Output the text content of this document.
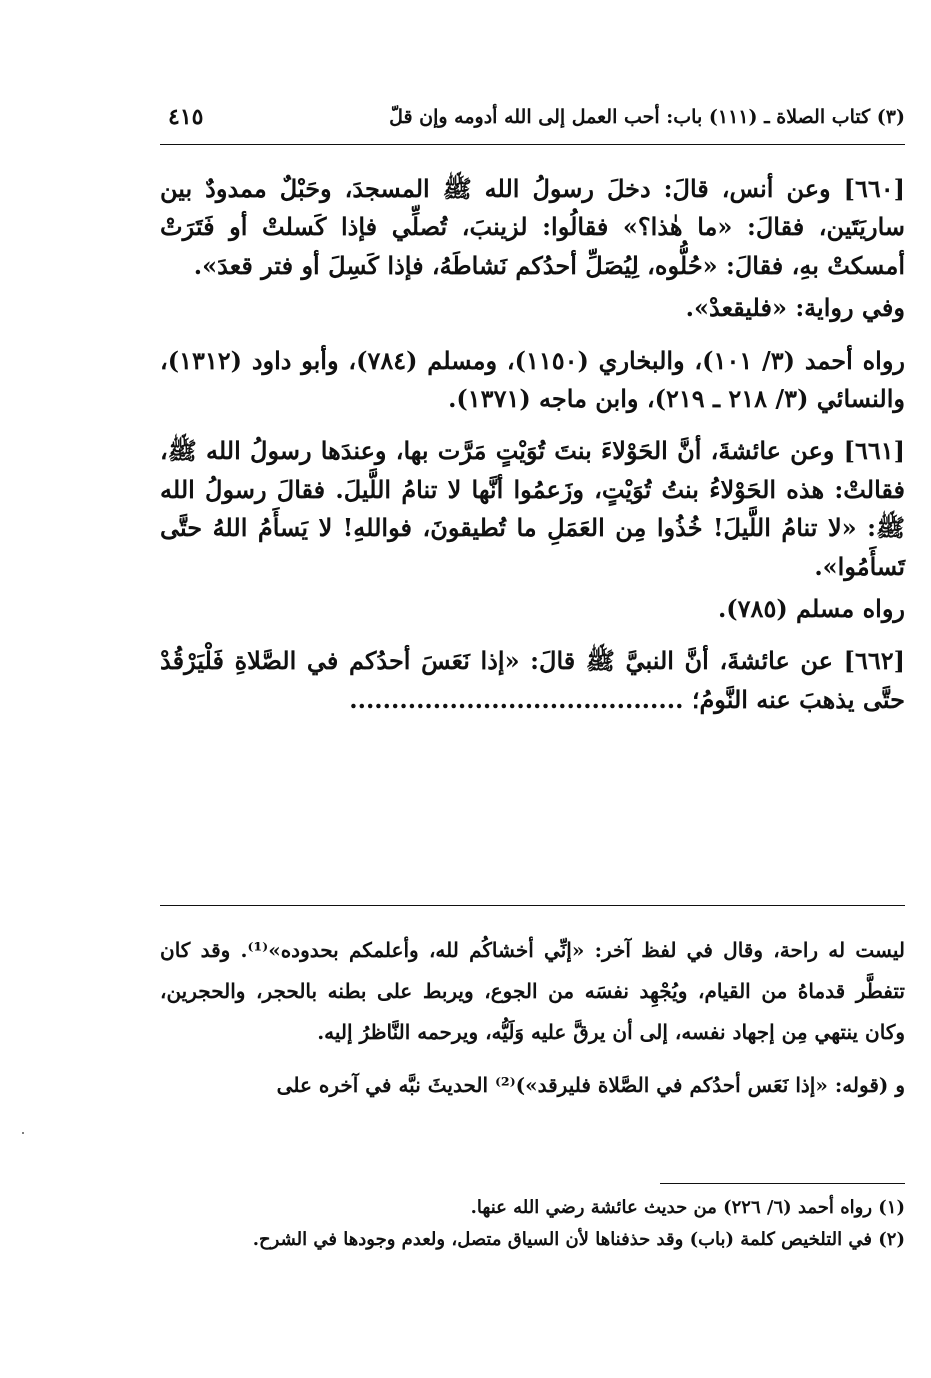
(٣) كتاب الصلاة ـ (١١١) باب: أحب العمل إلى الله أدومه وإن قلّ
٤١٥

[٦٦٠] وعن أنس، قالَ: دخلَ رسولُ الله ﷺ المسجدَ، وحَبْلٌ ممدودٌ بين ساريَتَين، فقالَ: «ما هٰذا؟» فقالُوا: لزينبَ، تُصلِّي فإذا كَسلتْ أو فَتَرَتْ أمسكتْ بهِ، فقالَ: «حُلُّوه، لِيُصَلِّ أحدُكم نَشاطَهُ، فإذا كَسِلَ أو فتر قعدَ».

وفي رواية: «فليقعدْ».

رواه أحمد (٣/ ١٠١)، والبخاري (١١٥٠)، ومسلم (٧٨٤)، وأبو داود (١٣١٢)، والنسائي (٣/ ٢١٨ ـ ٢١٩)، وابن ماجه (١٣٧١).

[٦٦١] وعن عائشةَ، أنَّ الحَوْلاءَ بنتَ تُوَيْتٍ مَرَّت بها، وعندَها رسولُ الله ﷺ، فقالتْ: هذه الحَوْلاءُ بنتُ تُوَيْتٍ، وزَعمُوا أنَّها لا تنامُ اللَّيلَ. فقالَ رسولُ الله ﷺ: «لا تنامُ اللَّيلَ! خُذُوا مِن العَمَلِ ما تُطيقونَ، فواللهِ! لا يَسأَمُ اللهُ حتَّى تَسأَمُوا».

رواه مسلم (٧٨٥).

[٦٦٢] عن عائشةَ، أنَّ النبيَّ ﷺ قالَ: «إذا نَعَسَ أحدُكم في الصَّلاةِ فَلْيَرْقُدْ حتَّى يذهبَ عنه النَّومُ؛ ........................................

ليست له راحة، وقال في لفظ آخر: «إنِّي أخشاكُم لله، وأعلمكم بحدوده»⁽¹⁾. وقد كان تتفطَّر قدماهُ من القيام، ويُجْهِد نفسَه من الجوع، ويربط على بطنه بالحجر، والحجرين، وكان ينتهي مِن إجهاد نفسه، إلى أن يرقَّ عليه وَلَيُّه، ويرحمه النَّاظرُ إليه.

و (قوله: «إذا نَعَس أحدُكم في الصَّلاة فليرقد»)⁽²⁾ الحديثَ نبَّه في آخره على

(١) رواه أحمد (٦/ ٢٢٦) من حديث عائشة رضي الله عنها.

(٢) في التلخيص كلمة (باب) وقد حذفناها لأن السياق متصل، ولعدم وجودها في الشرح.
